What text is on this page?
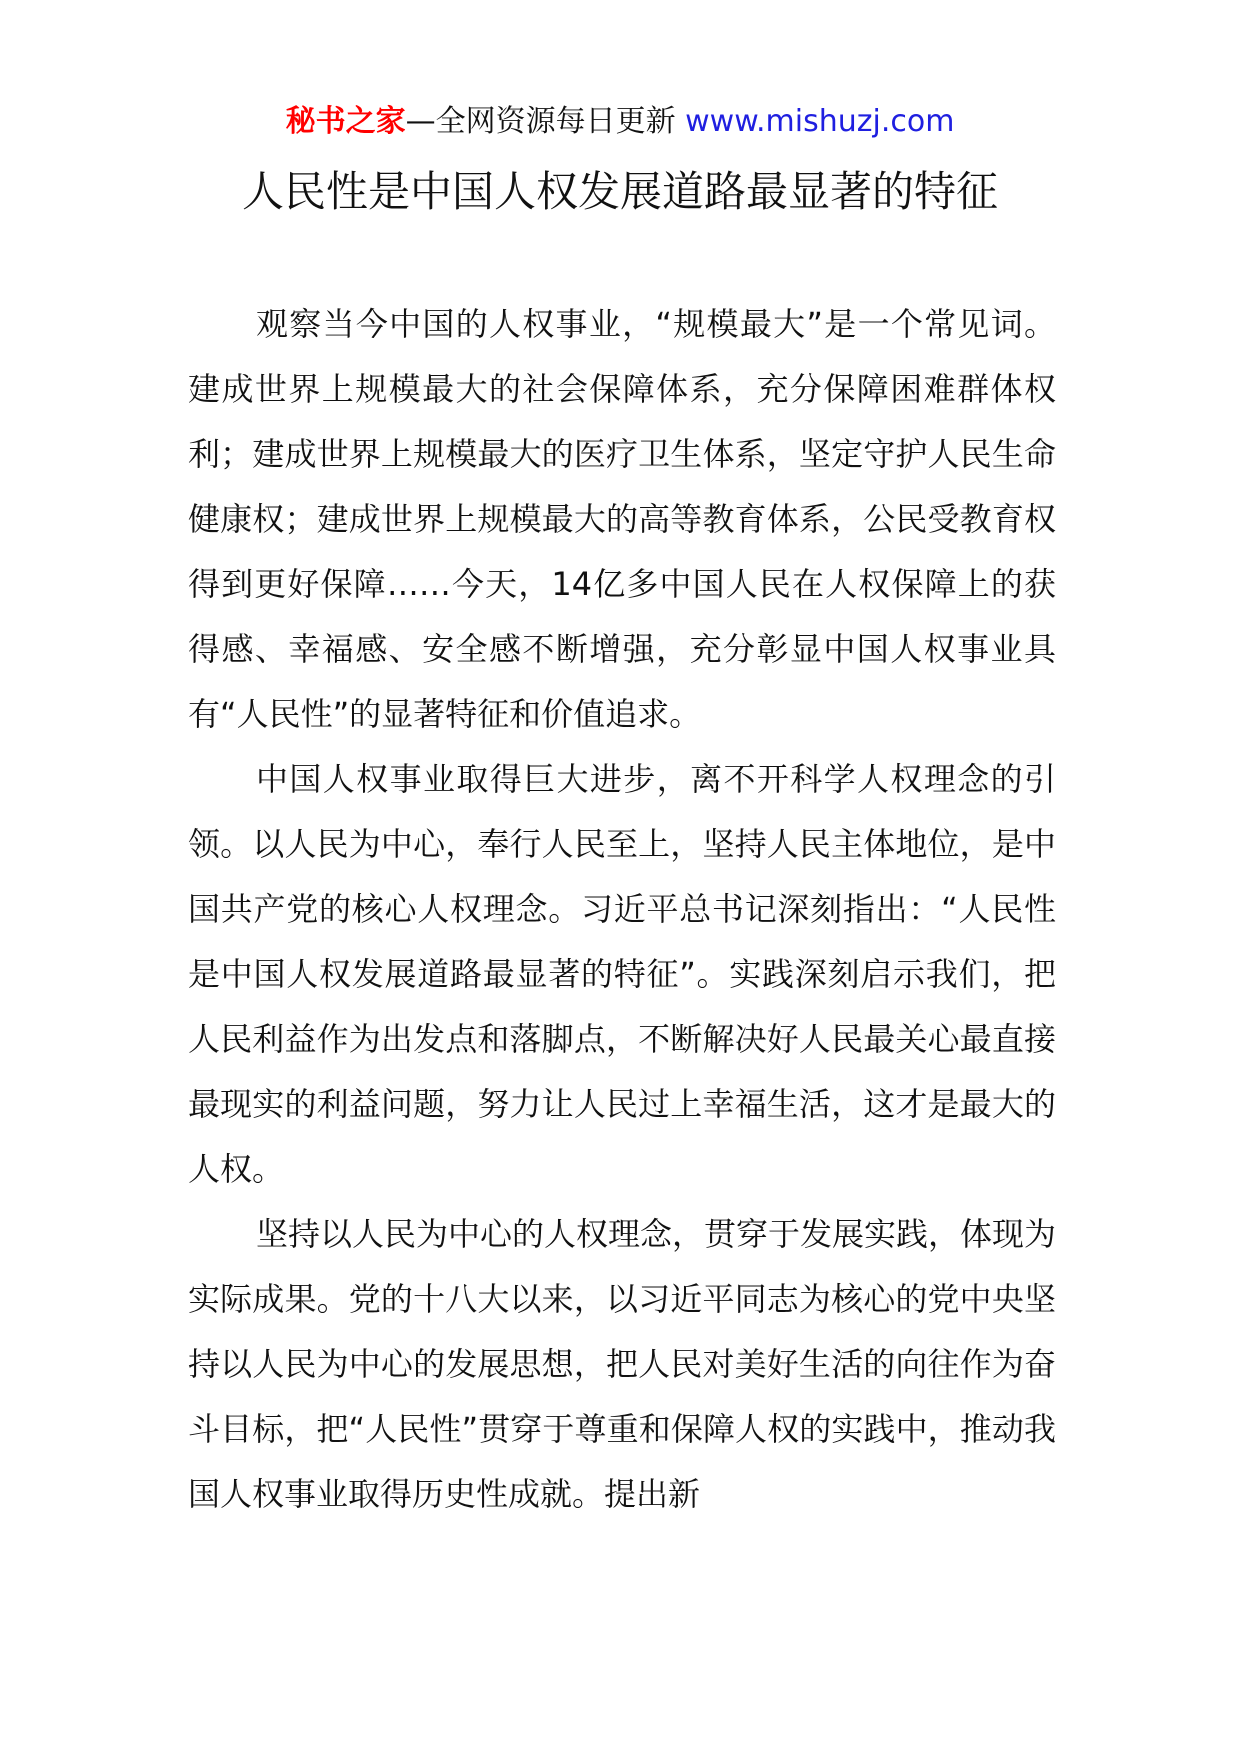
秘书之家—全网资源每日更新 www.mishuzj.com
人民性是中国人权发展道路最显著的特征

观察当今中国的人权事业，“规模最大”是一个常见词。建成世界上规模最大的社会保障体系，充分保障困难群体权利；建成世界上规模最大的医疗卫生体系，坚定守护人民生命健康权；建成世界上规模最大的高等教育体系，公民受教育权得到更好保障……今天，14亿多中国人民在人权保障上的获得感、幸福感、安全感不断增强，充分彰显中国人权事业具有“人民性”的显著特征和价值追求。

中国人权事业取得巨大进步，离不开科学人权理念的引领。以人民为中心，奉行人民至上，坚持人民主体地位，是中国共产党的核心人权理念。习近平总书记深刻指出：“人民性是中国人权发展道路最显著的特征”。实践深刻启示我们，把人民利益作为出发点和落脚点，不断解决好人民最关心最直接最现实的利益问题，努力让人民过上幸福生活，这才是最大的人权。

坚持以人民为中心的人权理念，贯穿于发展实践，体现为实际成果。党的十八大以来，以习近平同志为核心的党中央坚持以人民为中心的发展思想，把人民对美好生活的向往作为奋斗目标，把“人民性”贯穿于尊重和保障人权的实践中，推动我国人权事业取得历史性成就。提出新
